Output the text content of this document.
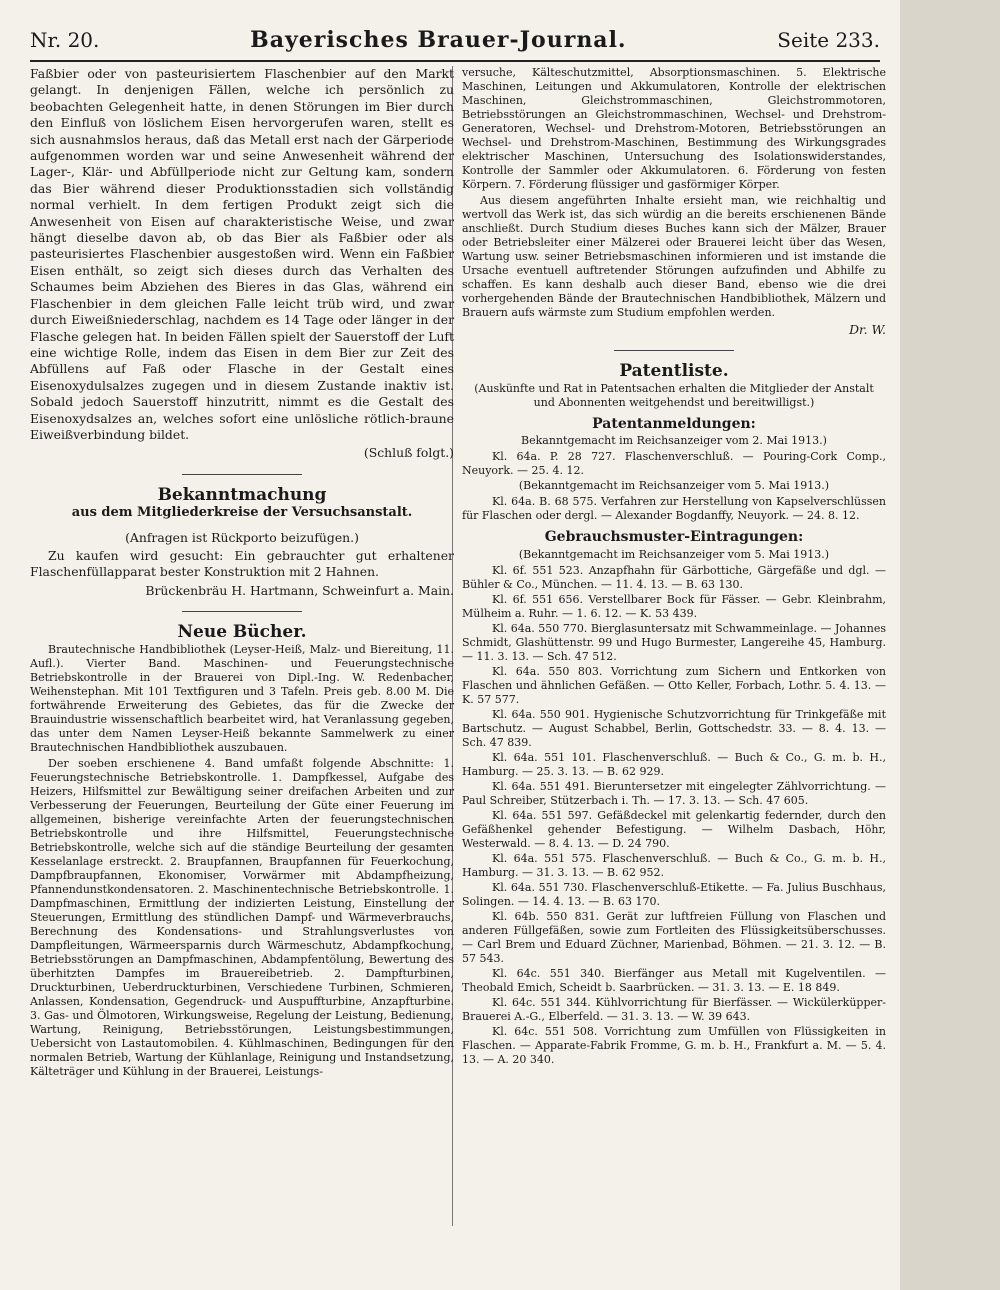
Nr. 20.	Bayerisches Brauer-Journal.	Seite 233.

Faßbier oder von pasteurisiertem Flaschenbier auf den Markt gelangt. In denjenigen Fällen, welche ich persönlich zu beobachten Gelegenheit hatte, in denen Störungen im Bier durch den Einfluß von löslichem Eisen hervorgerufen waren, stellt es sich ausnahmslos heraus, daß das Metall erst nach der Gärperiode aufgenommen worden war und seine Anwesenheit während der Lager-, Klär- und Abfüllperiode nicht zur Geltung kam, sondern das Bier während dieser Produktionsstadien sich vollständig normal verhielt. In dem fertigen Produkt zeigt sich die Anwesenheit von Eisen auf charakteristische Weise, und zwar hängt dieselbe davon ab, ob das Bier als Faßbier oder als pasteurisiertes Flaschenbier ausgestoßen wird. Wenn ein Faßbier Eisen enthält, so zeigt sich dieses durch das Verhalten des Schaumes beim Abziehen des Bieres in das Glas, während ein Flaschenbier in dem gleichen Falle leicht trüb wird, und zwar durch Eiweißniederschlag, nachdem es 14 Tage oder länger in der Flasche gelegen hat. In beiden Fällen spielt der Sauerstoff der Luft eine wichtige Rolle, indem das Eisen in dem Bier zur Zeit des Abfüllens auf Faß oder Flasche in der Gestalt eines Eisenoxydulsalzes zugegen und in diesem Zustande inaktiv ist. Sobald jedoch Sauerstoff hinzutritt, nimmt es die Gestalt des Eisenoxydsalzes an, welches sofort eine unlösliche rötlich-braune Eiweißverbindung bildet.

(Schluß folgt.)

Bekanntmachung
aus dem Mitgliederkreise der Versuchsanstalt.

(Anfragen ist Rückporto beizufügen.)

Zu kaufen wird gesucht: Ein gebrauchter gut erhaltener Flaschenfüllapparat bester Konstruktion mit 2 Hahnen.

Brückenbräu H. Hartmann, Schweinfurt a. Main.

Neue Bücher.

Brautechnische Handbibliothek (Leyser-Heiß, Malz- und Biereitung, 11. Aufl.). Vierter Band. Maschinen- und Feuerungstechnische Betriebskontrolle in der Brauerei von Dipl.-Ing. W. Redenbacher, Weihenstephan. Mit 101 Textfiguren und 3 Tafeln. Preis geb. 8.00 M. Die fortwährende Erweiterung des Gebietes, das für die Zwecke der Brauindustrie wissenschaftlich bearbeitet wird, hat Veranlassung gegeben, das unter dem Namen Leyser-Heiß bekannte Sammelwerk zu einer Brautechnischen Handbibliothek auszubauen.

Der soeben erschienene 4. Band umfaßt folgende Abschnitte: 1. Feuerungstechnische Betriebskontrolle. 1. Dampfkessel, Aufgabe des Heizers, Hilfsmittel zur Bewältigung seiner dreifachen Arbeiten und zur Verbesserung der Feuerungen, Beurteilung der Güte einer Feuerung im allgemeinen, bisherige vereinfachte Arten der feuerungstechnischen Betriebskontrolle und ihre Hilfsmittel, Feuerungstechnische Betriebskontrolle, welche sich auf die ständige Beurteilung der gesamten Kesselanlage erstreckt. 2. Braupfannen, Braupfannen für Feuerkochung, Dampfbraupfannen, Ekonomiser, Vorwärmer mit Abdampfheizung, Pfannendunstkondensatoren. 2. Maschinentechnische Betriebskontrolle. 1. Dampfmaschinen, Ermittlung der indizierten Leistung, Einstellung der Steuerungen, Ermittlung des stündlichen Dampf- und Wärmeverbrauchs, Berechnung des Kondensations- und Strahlungsverlustes von Dampfleitungen, Wärmeersparnis durch Wärmeschutz, Abdampfkochung, Betriebsstörungen an Dampfmaschinen, Abdampfentölung, Bewertung des überhitzten Dampfes im Brauereibetrieb. 2. Dampfturbinen, Druckturbinen, Ueberdruckturbinen, Verschiedene Turbinen, Schmieren, Anlassen, Kondensation, Gegendruck- und Auspuffturbine, Anzapfturbine. 3. Gas- und Ölmotoren, Wirkungsweise, Regelung der Leistung, Bedienung, Wartung, Reinigung, Betriebsstörungen, Leistungsbestimmungen, Uebersicht von Lastautomobilen. 4. Kühlmaschinen, Bedingungen für den normalen Betrieb, Wartung der Kühlanlage, Reinigung und Instandsetzung, Kälteträger und Kühlung in der Brauerei, Leistungs-

versuche, Kälteschutzmittel, Absorptionsmaschinen. 5. Elektrische Maschinen, Leitungen und Akkumulatoren, Kontrolle der elektrischen Maschinen, Gleichstrommaschinen, Gleichstrommotoren, Betriebsstörungen an Gleichstrommaschinen, Wechsel- und Drehstrom-Generatoren, Wechsel- und Drehstrom-Motoren, Betriebsstörungen an Wechsel- und Drehstrom-Maschinen, Bestimmung des Wirkungsgrades elektrischer Maschinen, Untersuchung des Isolationswiderstandes, Kontrolle der Sammler oder Akkumulatoren. 6. Förderung von festen Körpern. 7. Förderung flüssiger und gasförmiger Körper.

Aus diesem angeführten Inhalte ersieht man, wie reichhaltig und wertvoll das Werk ist, das sich würdig an die bereits erschienenen Bände anschließt. Durch Studium dieses Buches kann sich der Mälzer, Brauer oder Betriebsleiter einer Mälzerei oder Brauerei leicht über das Wesen, Wartung usw. seiner Betriebsmaschinen informieren und ist imstande die Ursache eventuell auftretender Störungen aufzufinden und Abhilfe zu schaffen. Es kann deshalb auch dieser Band, ebenso wie die drei vorhergehenden Bände der Brautechnischen Handbibliothek, Mälzern und Brauern aufs wärmste zum Studium empfohlen werden.

Dr. W.

Patentliste.

(Auskünfte und Rat in Patentsachen erhalten die Mitglieder der Anstalt und Abonnenten weitgehendst und bereitwilligst.)

Patentanmeldungen:

Bekanntgemacht im Reichsanzeiger vom 2. Mai 1913.)

Kl. 64a. P. 28 727. Flaschenverschluß. — Pouring-Cork Comp., Neuyork. — 25. 4. 12.

(Bekanntgemacht im Reichsanzeiger vom 5. Mai 1913.)

Kl. 64a. B. 68 575. Verfahren zur Herstellung von Kapselverschlüssen für Flaschen oder dergl. — Alexander Bogdanffy, Neuyork. — 24. 8. 12.

Gebrauchsmuster-Eintragungen:

(Bekanntgemacht im Reichsanzeiger vom 5. Mai 1913.)

Kl. 6f. 551 523. Anzapfhahn für Gärbottiche, Gärgefäße und dgl. — Bühler & Co., München. — 11. 4. 13. — B. 63 130.

Kl. 6f. 551 656. Verstellbarer Bock für Fässer. — Gebr. Kleinbrahm, Mülheim a. Ruhr. — 1. 6. 12. — K. 53 439.

Kl. 64a. 550 770. Bierglasuntersatz mit Schwammeinlage. — Johannes Schmidt, Glashüttenstr. 99 und Hugo Burmester, Langereihe 45, Hamburg. — 11. 3. 13. — Sch. 47 512.

Kl. 64a. 550 803. Vorrichtung zum Sichern und Entkorken von Flaschen und ähnlichen Gefäßen. — Otto Keller, Forbach, Lothr. 5. 4. 13. — K. 57 577.

Kl. 64a. 550 901. Hygienische Schutzvorrichtung für Trinkgefäße mit Bartschutz. — August Schabbel, Berlin, Gottschedstr. 33. — 8. 4. 13. — Sch. 47 839.

Kl. 64a. 551 101. Flaschenverschluß. — Buch & Co., G. m. b. H., Hamburg. — 25. 3. 13. — B. 62 929.

Kl. 64a. 551 491. Bieruntersetzer mit eingelegter Zählvorrichtung. — Paul Schreiber, Stützerbach i. Th. — 17. 3. 13. — Sch. 47 605.

Kl. 64a. 551 597. Gefäßdeckel mit gelenkartig federnder, durch den Gefäßhenkel gehender Befestigung. — Wilhelm Dasbach, Höhr, Westerwald. — 8. 4. 13. — D. 24 790.

Kl. 64a. 551 575. Flaschenverschluß. — Buch & Co., G. m. b. H., Hamburg. — 31. 3. 13. — B. 62 952.

Kl. 64a. 551 730. Flaschenverschluß-Etikette. — Fa. Julius Buschhaus, Solingen. — 14. 4. 13. — B. 63 170.

Kl. 64b. 550 831. Gerät zur luftfreien Füllung von Flaschen und anderen Füllgefäßen, sowie zum Fortleiten des Flüssigkeitsüberschusses. — Carl Brem und Eduard Züchner, Marienbad, Böhmen. — 21. 3. 12. — B. 57 543.

Kl. 64c. 551 340. Bierfänger aus Metall mit Kugelventilen. — Theobald Emich, Scheidt b. Saarbrücken. — 31. 3. 13. — E. 18 849.

Kl. 64c. 551 344. Kühlvorrichtung für Bierfässer. — Wickülerküpper-Brauerei A.-G., Elberfeld. — 31. 3. 13. — W. 39 643.

Kl. 64c. 551 508. Vorrichtung zum Umfüllen von Flüssigkeiten in Flaschen. — Apparate-Fabrik Fromme, G. m. b. H., Frankfurt a. M. — 5. 4. 13. — A. 20 340.
